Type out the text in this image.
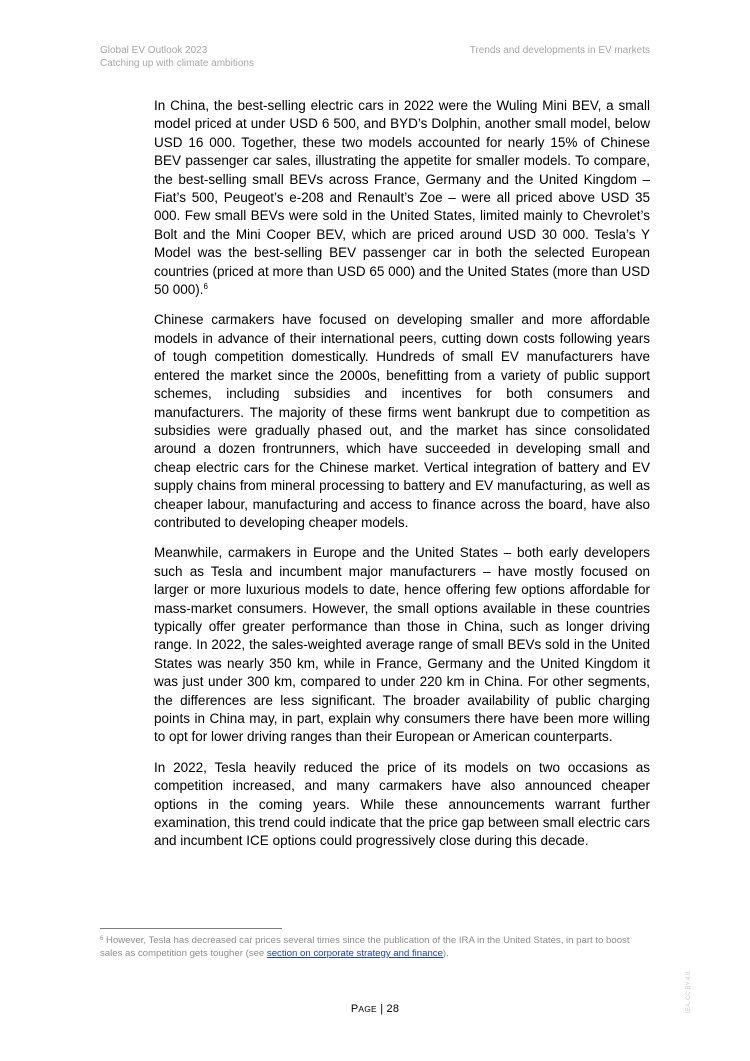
Global EV Outlook 2023
Catching up with climate ambitions
Trends and developments in EV markets

In China, the best-selling electric cars in 2022 were the Wuling Mini BEV, a small model priced at under USD 6 500, and BYD’s Dolphin, another small model, below USD 16 000. Together, these two models accounted for nearly 15% of Chinese BEV passenger car sales, illustrating the appetite for smaller models. To compare, the best-selling small BEVs across France, Germany and the United Kingdom – Fiat’s 500, Peugeot’s e-208 and Renault’s Zoe – were all priced above USD 35 000. Few small BEVs were sold in the United States, limited mainly to Chevrolet’s Bolt and the Mini Cooper BEV, which are priced around USD 30 000. Tesla’s Y Model was the best-selling BEV passenger car in both the selected European countries (priced at more than USD 65 000) and the United States (more than USD 50 000).$^6$

Chinese carmakers have focused on developing smaller and more affordable models in advance of their international peers, cutting down costs following years of tough competition domestically. Hundreds of small EV manufacturers have entered the market since the 2000s, benefitting from a variety of public support schemes, including subsidies and incentives for both consumers and manufacturers. The majority of these firms went bankrupt due to competition as subsidies were gradually phased out, and the market has since consolidated around a dozen frontrunners, which have succeeded in developing small and cheap electric cars for the Chinese market. Vertical integration of battery and EV supply chains from mineral processing to battery and EV manufacturing, as well as cheaper labour, manufacturing and access to finance across the board, have also contributed to developing cheaper models.

Meanwhile, carmakers in Europe and the United States – both early developers such as Tesla and incumbent major manufacturers – have mostly focused on larger or more luxurious models to date, hence offering few options affordable for mass-market consumers. However, the small options available in these countries typically offer greater performance than those in China, such as longer driving range. In 2022, the sales-weighted average range of small BEVs sold in the United States was nearly 350 km, while in France, Germany and the United Kingdom it was just under 300 km, compared to under 220 km in China. For other segments, the differences are less significant. The broader availability of public charging points in China may, in part, explain why consumers there have been more willing to opt for lower driving ranges than their European or American counterparts.

In 2022, Tesla heavily reduced the price of its models on two occasions as competition increased, and many carmakers have also announced cheaper options in the coming years. While these announcements warrant further examination, this trend could indicate that the price gap between small electric cars and incumbent ICE options could progressively close during this decade.

$^6$ However, Tesla has decreased car prices several times since the publication of the IRA in the United States, in part to boost sales as competition gets tougher (see section on corporate strategy and finance).
PAGE | 28	IEA. CC BY 4.0.
